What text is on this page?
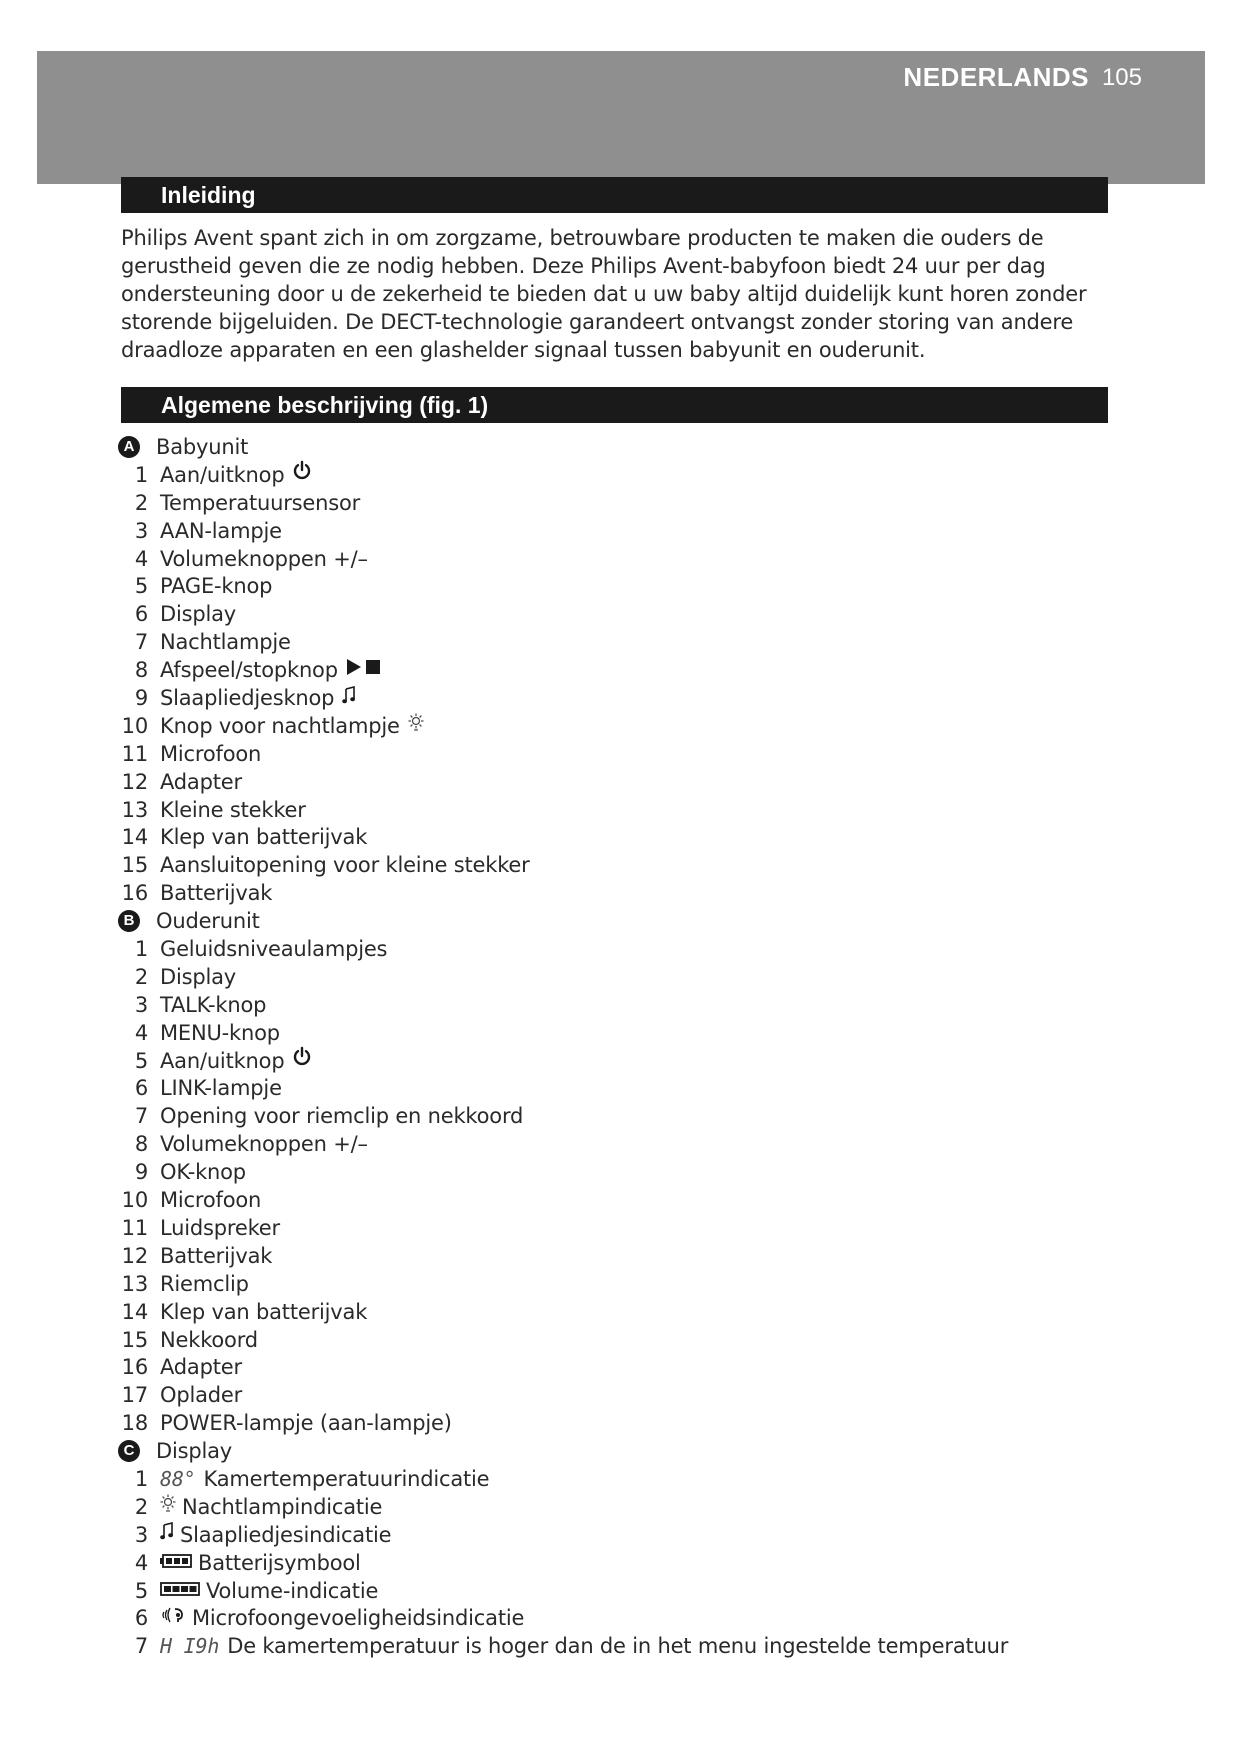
NEDERLANDS 105
Inleiding

Philips Avent spant zich in om zorgzame, betrouwbare producten te maken die ouders de gerustheid geven die ze nodig hebben. Deze Philips Avent-babyfoon biedt 24 uur per dag ondersteuning door u de zekerheid te bieden dat u uw baby altijd duidelijk kunt horen zonder storende bijgeluiden. De DECT-technologie garandeert ontvangst zonder storing van andere draadloze apparaten en een glashelder signaal tussen babyunit en ouderunit.

Algemene beschrijving (fig. 1)
A Babyunit
1 Aan/uitknop
2 Temperatuursensor
3 AAN-lampje
4 Volumeknoppen +/–
5 PAGE-knop
6 Display
7 Nachtlampje
8 Afspeel/stopknop
9 Slaapliedjesknop
10 Knop voor nachtlampje
11 Microfoon
12 Adapter
13 Kleine stekker
14 Klep van batterijvak
15 Aansluitopening voor kleine stekker
16 Batterijvak
B Ouderunit
1 Geluidsniveaulampjes
2 Display
3 TALK-knop
4 MENU-knop
5 Aan/uitknop
6 LINK-lampje
7 Opening voor riemclip en nekkoord
8 Volumeknoppen +/–
9 OK-knop
10 Microfoon
11 Luidspreker
12 Batterijvak
13 Riemclip
14 Klep van batterijvak
15 Nekkoord
16 Adapter
17 Oplader
18 POWER-lampje (aan-lampje)
C Display
1 88° Kamertemperatuurindicatie
2 Nachtlampindicatie
3 Slaapliedjesindicatie
4 Batterijsymbool
5	Volume-indicatie
6 Microfoongevoeligheidsindicatie
7 H I9h De kamertemperatuur is hoger dan de in het menu ingestelde temperatuur
